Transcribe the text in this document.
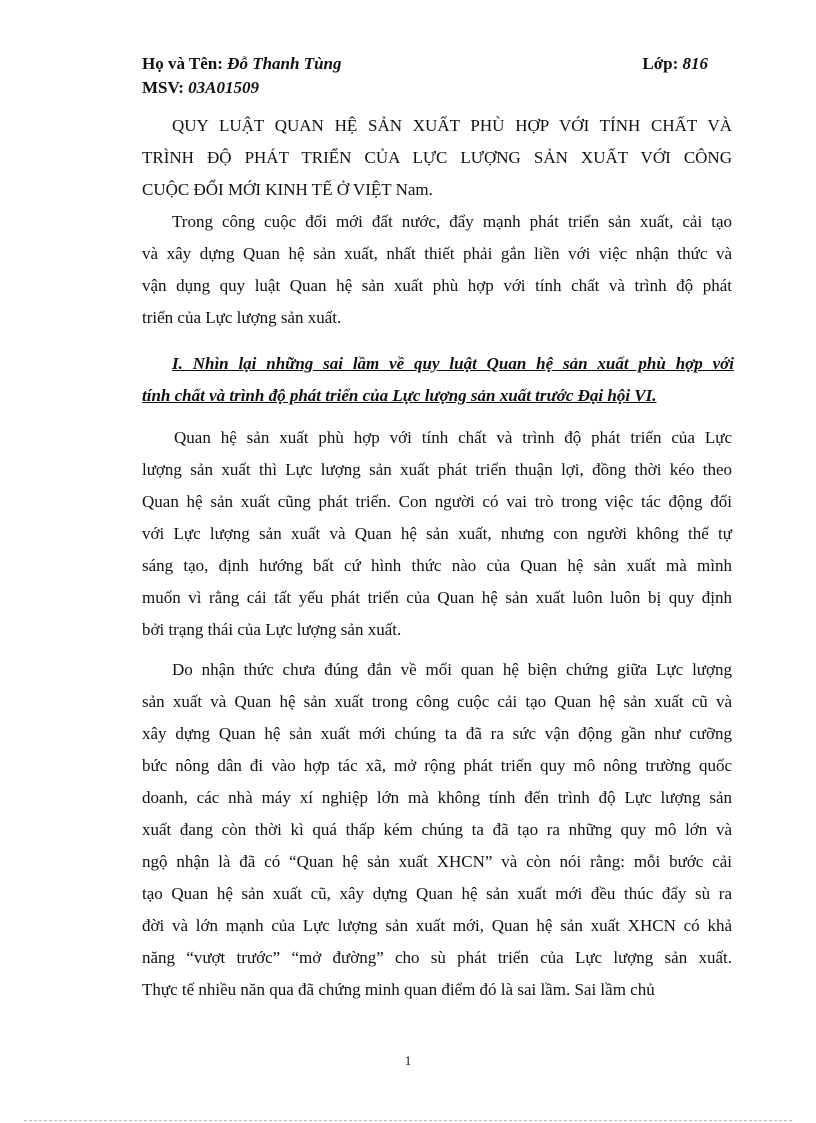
Họ và Tên: Đỗ Thanh Tùng	Lớp: 816
MSV: 03A01509
QUY LUẬT QUAN HỆ SẢN XUẤT PHÙ HỢP VỚI TÍNH CHẤT VÀ
TRÌNH ĐỘ PHÁT TRIỂN CỦA LỰC LƯỢNG SẢN XUẤT VỚI CÔNG
CUỘC ĐỔI MỚI KINH TẾ Ở VIỆT Nam.
Trong công cuộc đổi mới đất nước, đẩy mạnh phát triển sản xuất, cải tạo
và xây dựng Quan hệ sản xuất, nhất thiết phải gắn liền với việc nhận thức và
vận dụng quy luật Quan hệ sản xuất phù hợp với tính chất và trình độ phát
triển của Lực lượng sản xuất.
I. Nhìn lại những sai lầm về quy luật Quan hệ sản xuất phù hợp với
tính chất và trình độ phát triển của Lực lượng sản xuất trước Đại hội VI.
Quan hệ sản xuất phù hợp với tính chất và trình độ phát triển của Lực
lượng sản xuất thì Lực lượng sản xuất phát triển thuận lợi, đồng thời kéo theo
Quan hệ sản xuất cũng phát triển. Con người có vai trò trong việc tác động đối
với Lực lượng sản xuất và Quan hệ sản xuất, nhưng con người không thể tự
sáng tạo, định hướng bất cứ hình thức nào của Quan hệ sản xuất mà mình
muốn vì rằng cái tất yếu phát triển của Quan hệ sản xuất luôn luôn bị quy định
bởi trạng thái của Lực lượng sản xuất.
Do nhận thức chưa đúng đắn về mối quan hệ biện chứng giữa Lực lượng
sản xuất và Quan hệ sản xuất trong công cuộc cải tạo Quan hệ sản xuất cũ và
xây dựng Quan hệ sản xuất mới chúng ta đã ra sức vận động gần như cưỡng
bức nông dân đi vào hợp tác xã, mở rộng phát triển quy mô nông trường quốc
doanh, các nhà máy xí nghiệp lớn mà không tính đến trình độ Lực lượng sản
xuất đang còn thời kì quá thấp kém chúng ta đã tạo ra những quy mô lớn và
ngộ nhận là đã có “Quan hệ sản xuất XHCN” và còn nói rằng: mỗi bước cải
tạo Quan hệ sản xuất cũ, xây dựng Quan hệ sản xuất mới đều thúc đẩy sù ra
đời và lớn mạnh của Lực lượng sản xuất mới, Quan hệ sản xuất XHCN có khả
năng “vượt trước” “mở đường” cho sù phát triển của Lực lượng sản xuất.
Thực tế nhiều năn qua đã chứng minh quan điểm đó là sai lầm. Sai lầm chủ
1
